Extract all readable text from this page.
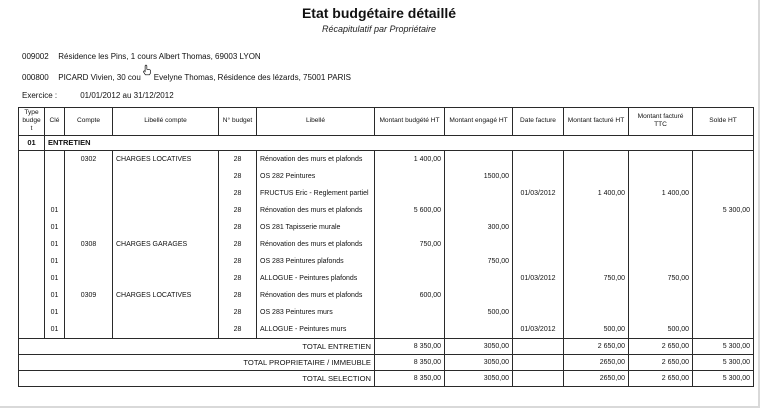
Etat budgétaire détaillé
Récapitulatif par Propriétaire
009002 Résidence les Pins, 1 cours Albert Thomas, 69003 LYON
000800 PICARD Vivien, 30 cou Evelyne Thomas, Résidence des lézards, 75001 PARIS
Exercice :	01/01/2012 au 31/12/2012
Type budget	Clé	Compte	Libellé compte	N° budget	Libellé	Montant budgété HT	Montant engagé HT	Date facture	Montant facturé HT	Montant facturé TTC	Solde HT
01	ENTRETIEN										
		0302	CHARGES LOCATIVES	28	Rénovation des murs et plafonds	1 400,00					
				28	OS 282 Peintures		1500,00				
				28	FRUCTUS Eric - Reglement partiel			01/03/2012	1 400,00	1 400,00	
	01			28	Rénovation des murs et plafonds	5 600,00					5 300,00
	01			28	OS 281 Tapisserie murale		300,00				
	01	0308	CHARGES GARAGES	28	Rénovation des murs et plafonds	750,00					
	01			28	OS 283 Peintures plafonds		750,00				
	01			28	ALLOGUE - Peintures plafonds			01/03/2012	750,00	750,00	
	01	0309	CHARGES LOCATIVES	28	Rénovation des murs et plafonds	600,00					
	01			28	OS 283 Peintures murs		500,00				
	01			28	ALLOGUE - Peintures murs			01/03/2012	500,00	500,00	
TOTAL ENTRETIEN						8 350,00	3050,00		2 650,00	2 650,00	5 300,00
TOTAL PROPRIETAIRE / IMMEUBLE						8 350,00	3050,00		2650,00	2 650,00	5 300,00
TOTAL SELECTION						8 350,00	3050,00		2650,00	2 650,00	5 300,00
